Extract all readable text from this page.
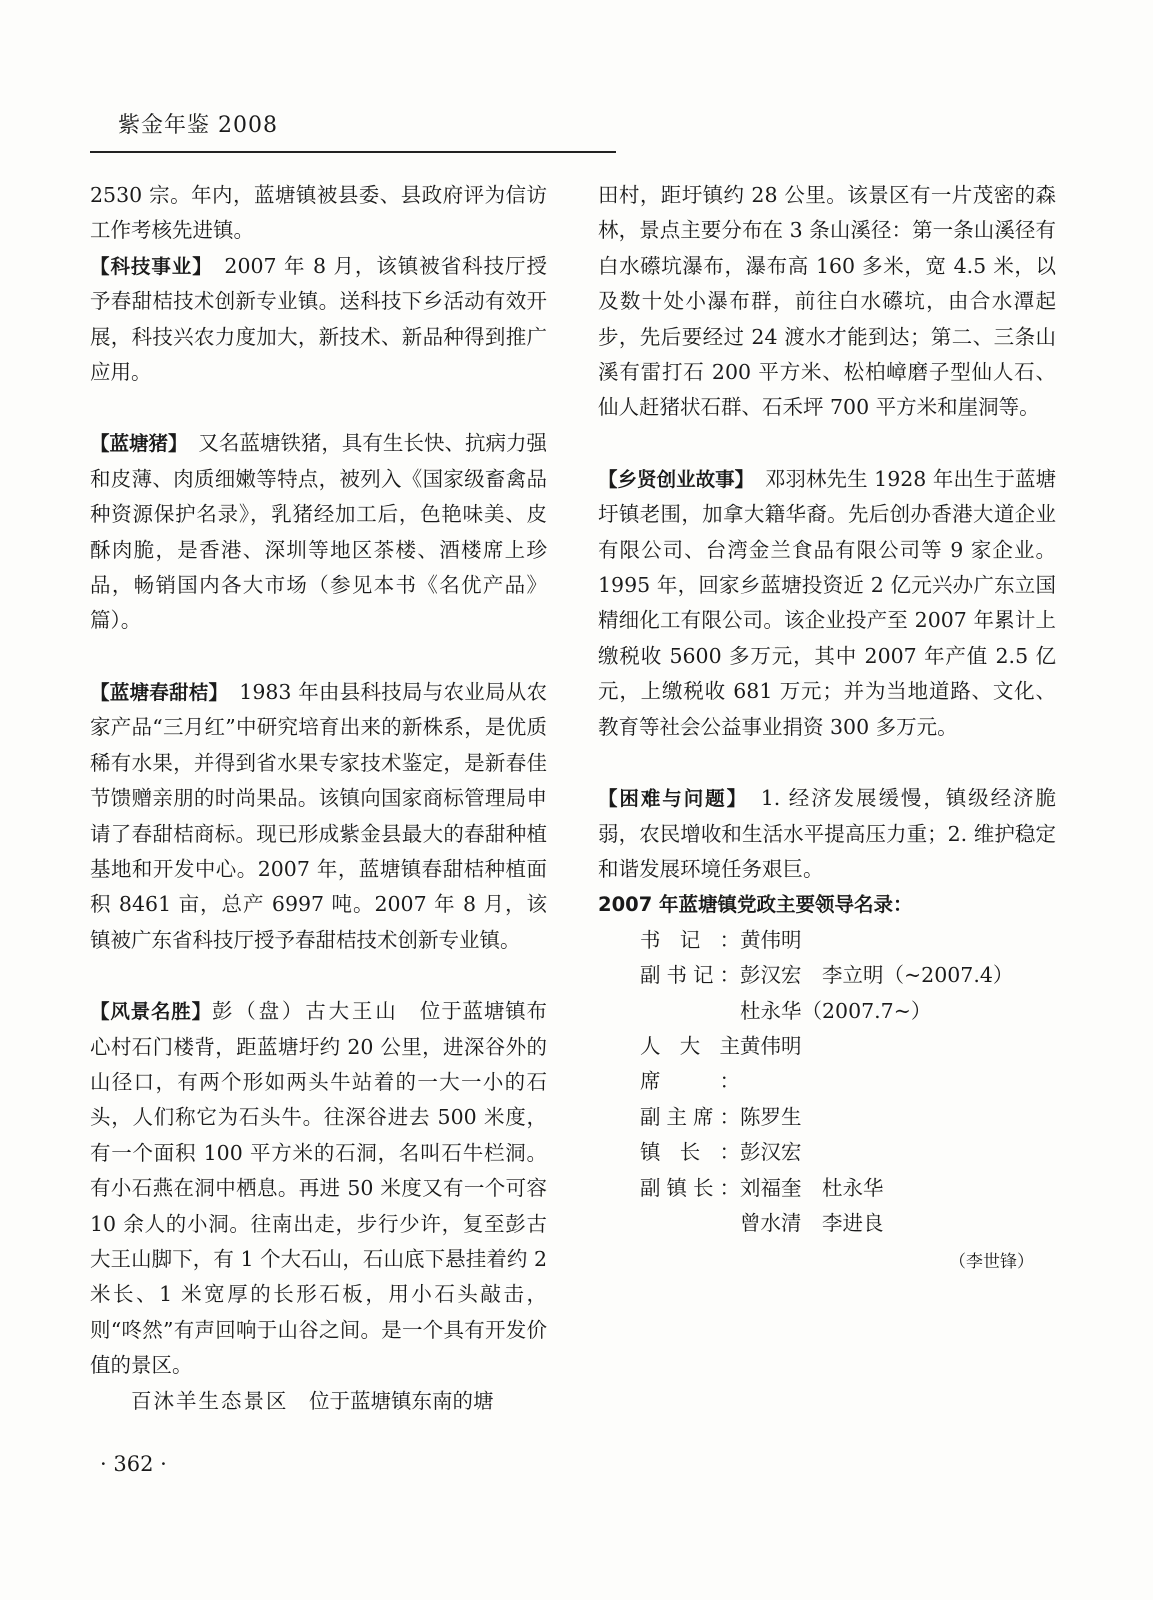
紫金年鉴 2008

2530 宗。年内，蓝塘镇被县委、县政府评为信访工作考核先进镇。

【科技事业】　2007 年 8 月，该镇被省科技厅授予春甜桔技术创新专业镇。送科技下乡活动有效开展，科技兴农力度加大，新技术、新品种得到推广应用。

【蓝塘猪】　又名蓝塘铁猪，具有生长快、抗病力强和皮薄、肉质细嫩等特点，被列入《国家级畜禽品种资源保护名录》，乳猪经加工后，色艳味美、皮酥肉脆，是香港、深圳等地区茶楼、酒楼席上珍品，畅销国内各大市场（参见本书《名优产品》篇）。

【蓝塘春甜桔】　1983 年由县科技局与农业局从农家产品“三月红”中研究培育出来的新株系，是优质稀有水果，并得到省水果专家技术鉴定，是新春佳节馈赠亲朋的时尚果品。该镇向国家商标管理局申请了春甜桔商标。现已形成紫金县最大的春甜种植基地和开发中心。2007 年，蓝塘镇春甜桔种植面积 8461 亩，总产 6997 吨。2007 年 8 月，该镇被广东省科技厅授予春甜桔技术创新专业镇。

【风景名胜】彭（盘）古大王山　位于蓝塘镇布心村石门楼背，距蓝塘圩约 20 公里，进深谷外的山径口，有两个形如两头牛站着的一大一小的石头，人们称它为石头牛。往深谷进去 500 米度，有一个面积 100 平方米的石洞，名叫石牛栏洞。有小石燕在洞中栖息。再进 50 米度又有一个可容 10 余人的小洞。往南出走，步行少许，复至彭古大王山脚下，有 1 个大石山，石山底下悬挂着约 2 米长、1 米宽厚的长形石板，用小石头敲击，则“咚然”有声回响于山谷之间。是一个具有开发价值的景区。

百沐羊生态景区　位于蓝塘镇东南的塘

田村，距圩镇约 28 公里。该景区有一片茂密的森林，景点主要分布在 3 条山溪径：第一条山溪径有白水礤坑瀑布，瀑布高 160 多米，宽 4.5 米，以及数十处小瀑布群，前往白水礤坑，由合水潭起步，先后要经过 24 渡水才能到达；第二、三条山溪有雷打石 200 平方米、松柏嶂磨子型仙人石、仙人赶猪状石群、石禾坪 700 平方米和崖洞等。

【乡贤创业故事】　邓羽林先生 1928 年出生于蓝塘圩镇老围，加拿大籍华裔。先后创办香港大道企业有限公司、台湾金兰食品有限公司等 9 家企业。1995 年，回家乡蓝塘投资近 2 亿元兴办广东立国精细化工有限公司。该企业投产至 2007 年累计上缴税收 5600 多万元，其中 2007 年产值 2.5 亿元，上缴税收 681 万元；并为当地道路、文化、教育等社会公益事业捐资 300 多万元。

【困难与问题】　1. 经济发展缓慢，镇级经济脆弱，农民增收和生活水平提高压力重；2. 维护稳定和谐发展环境任务艰巨。

2007 年蓝塘镇党政主要领导名录：
书记： 黄伟明
副书记： 彭汉宏　李立明（~2007.4）
杜永华（2007.7~）
人大主席：
黄伟明
副主席： 陈罗生
镇长： 彭汉宏
副镇长： 刘福奎　杜永华
曾水清　李进良
（李世锋）
· 362 ·
